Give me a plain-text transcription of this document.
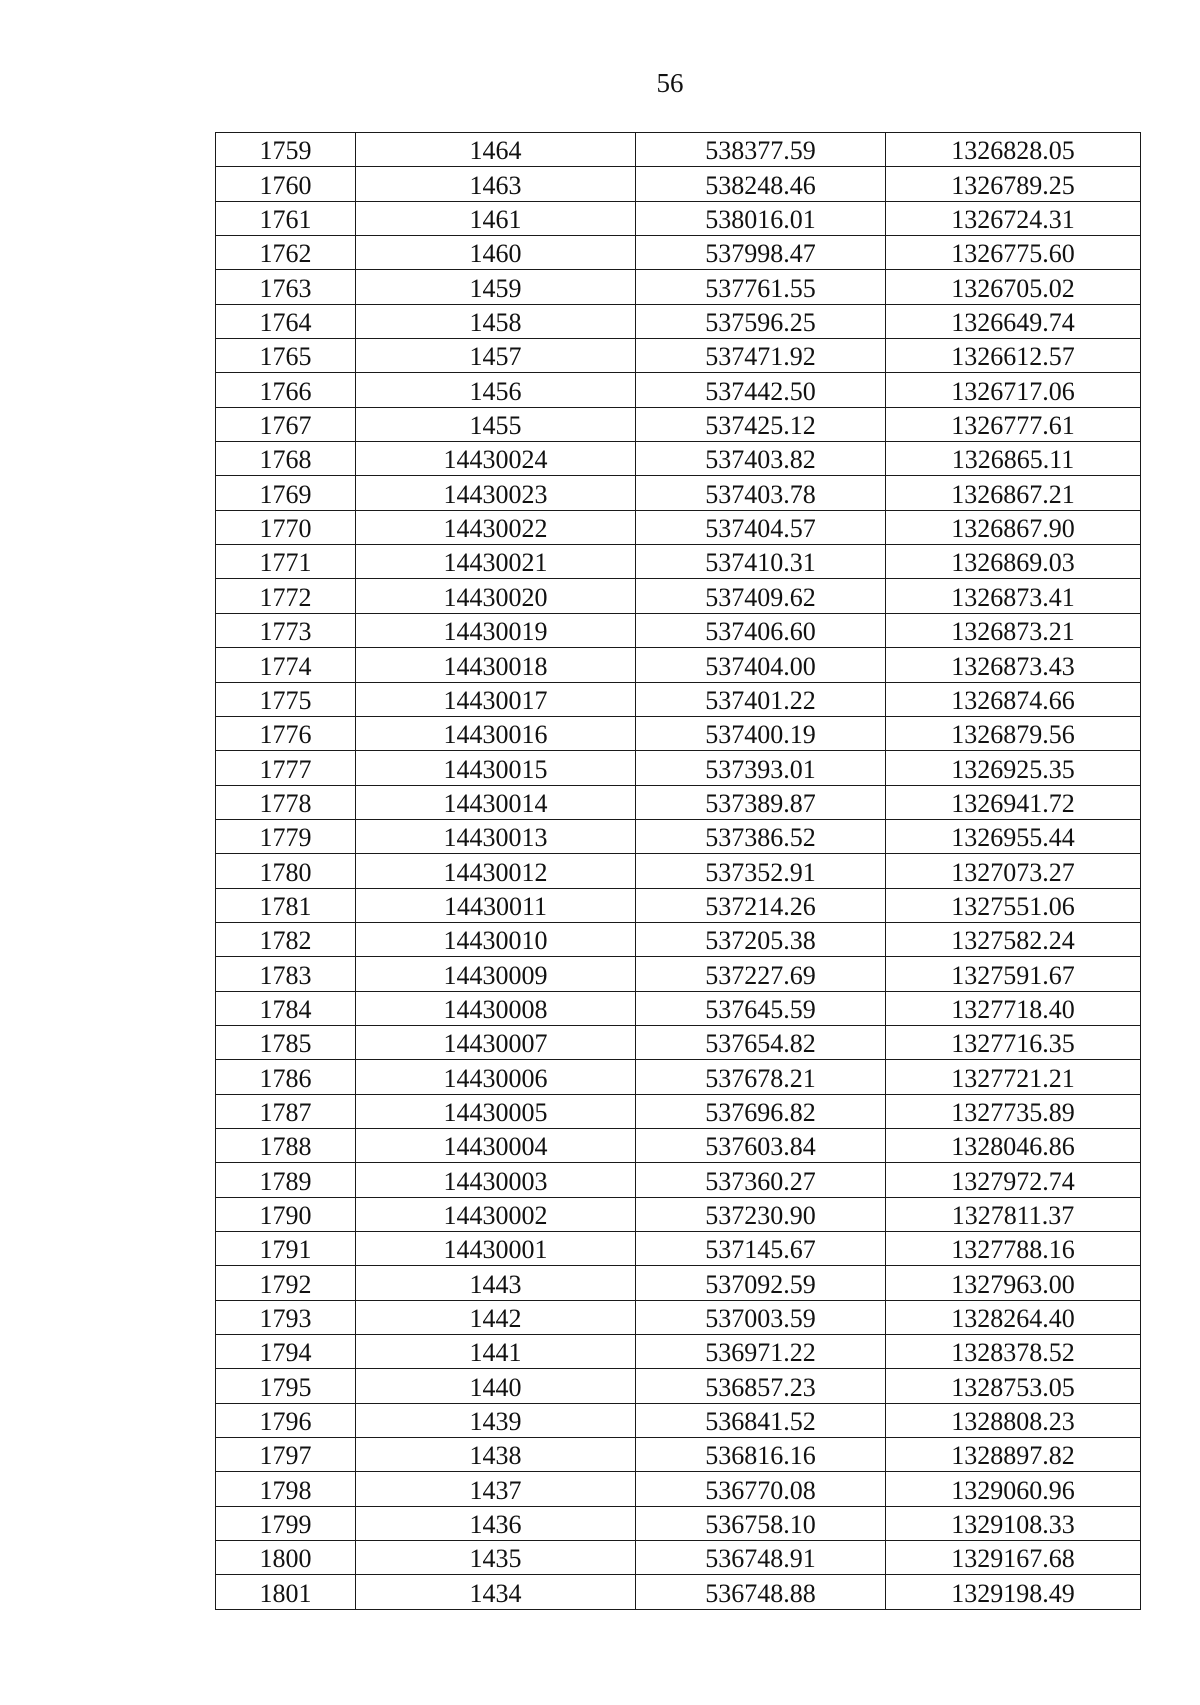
56
1759	1464	538377.59	1326828.05
1760	1463	538248.46	1326789.25
1761	1461	538016.01	1326724.31
1762	1460	537998.47	1326775.60
1763	1459	537761.55	1326705.02
1764	1458	537596.25	1326649.74
1765	1457	537471.92	1326612.57
1766	1456	537442.50	1326717.06
1767	1455	537425.12	1326777.61
1768	14430024	537403.82	1326865.11
1769	14430023	537403.78	1326867.21
1770	14430022	537404.57	1326867.90
1771	14430021	537410.31	1326869.03
1772	14430020	537409.62	1326873.41
1773	14430019	537406.60	1326873.21
1774	14430018	537404.00	1326873.43
1775	14430017	537401.22	1326874.66
1776	14430016	537400.19	1326879.56
1777	14430015	537393.01	1326925.35
1778	14430014	537389.87	1326941.72
1779	14430013	537386.52	1326955.44
1780	14430012	537352.91	1327073.27
1781	14430011	537214.26	1327551.06
1782	14430010	537205.38	1327582.24
1783	14430009	537227.69	1327591.67
1784	14430008	537645.59	1327718.40
1785	14430007	537654.82	1327716.35
1786	14430006	537678.21	1327721.21
1787	14430005	537696.82	1327735.89
1788	14430004	537603.84	1328046.86
1789	14430003	537360.27	1327972.74
1790	14430002	537230.90	1327811.37
1791	14430001	537145.67	1327788.16
1792	1443	537092.59	1327963.00
1793	1442	537003.59	1328264.40
1794	1441	536971.22	1328378.52
1795	1440	536857.23	1328753.05
1796	1439	536841.52	1328808.23
1797	1438	536816.16	1328897.82
1798	1437	536770.08	1329060.96
1799	1436	536758.10	1329108.33
1800	1435	536748.91	1329167.68
1801	1434	536748.88	1329198.49
